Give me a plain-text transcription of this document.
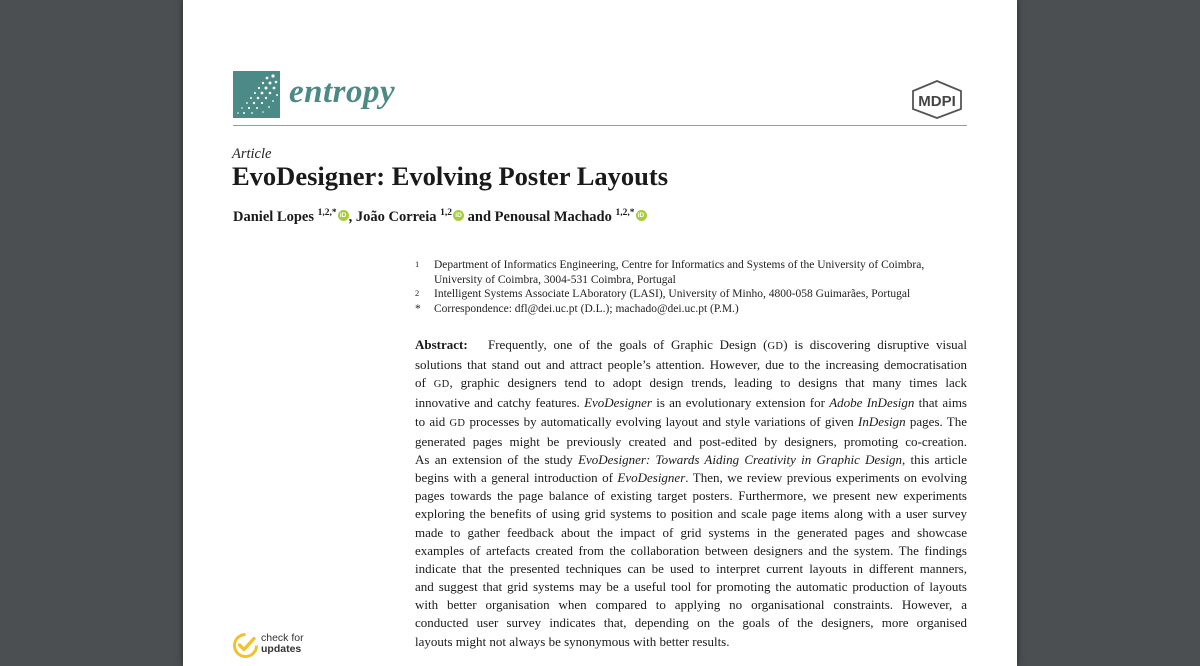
entropy	MDPI
Article
EvoDesigner: Evolving Poster Layouts
Daniel Lopes $^{1,2,*}$ iD , João Correia $^{1,2}$ iD and Penousal Machado $^{1,2,*}$ iD
1 Department of Informatics Engineering, Centre for Informatics and Systems of the University of Coimbra,
University of Coimbra, 3004-531 Coimbra, Portugal
2 Intelligent Systems Associate LAboratory (LASI), University of Minho, 4800-058 Guimarães, Portugal
* Correspondence: dfl@dei.uc.pt (D.L.); machado@dei.uc.pt (P.M.)
Abstract: Frequently, one of the goals of Graphic Design (GD) is discovering disruptive visual
solutions that stand out and attract people’s attention. However, due to the increasing democratisation
of GD, graphic designers tend to adopt design trends, leading to designs that many times lack
innovative and catchy features. EvoDesigner is an evolutionary extension for Adobe InDesign that aims
to aid GD processes by automatically evolving layout and style variations of given InDesign pages. The
generated pages might be previously created and post-edited by designers, promoting co-creation.
As an extension of the study EvoDesigner: Towards Aiding Creativity in Graphic Design, this article
begins with a general introduction of EvoDesigner. Then, we review previous experiments on evolving
pages towards the page balance of existing target posters. Furthermore, we present new experiments
exploring the benefits of using grid systems to position and scale page items along with a user survey
made to gather feedback about the impact of grid systems in the generated pages and showcase
examples of artefacts created from the collaboration between designers and the system. The findings
indicate that the presented techniques can be used to interpret current layouts in different manners,
and suggest that grid systems may be a useful tool for promoting the automatic production of layouts
with better organisation when compared to applying no organisational constraints. However, a
conducted user survey indicates that, depending on the goals of the designers, more organised
layouts might not always be synonymous with better results.
check for
updates
